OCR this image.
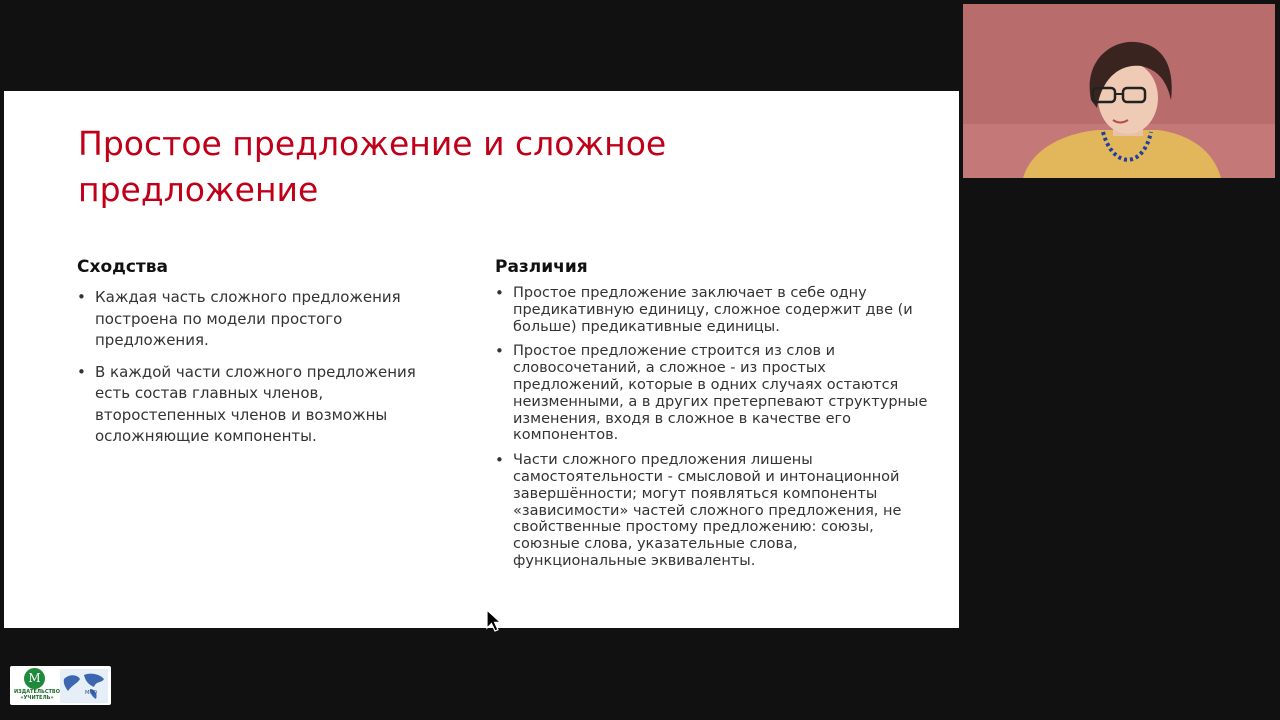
Простое предложение и сложное предложение

Сходства

• Каждая часть сложного предложения построена по модели простого предложения.
• В каждой части сложного предложения есть состав главных членов, второстепенных членов и возможны осложняющие компоненты.

Различия

• Простое предложение заключает в себе одну предикативную единицу, сложное содержит две (и больше) предикативные единицы.
• Простое предложение строится из слов и словосочетаний, а сложное - из простых предложений, которые в одних случаях остаются неизменными, а в других претерпевают структурные изменения, входя в сложное в качестве его компонентов.
• Части сложного предложения лишены самостоятельности - смысловой и интонационной завершённости; могут появляться компоненты «зависимости» частей сложного предложения, не свойственные простому предложению: союзы, союзные слова, указательные слова, функциональные эквиваленты.
М
ИЗДАТЕЛЬСТВО
«УЧИТЕЛЬ»
МПО
